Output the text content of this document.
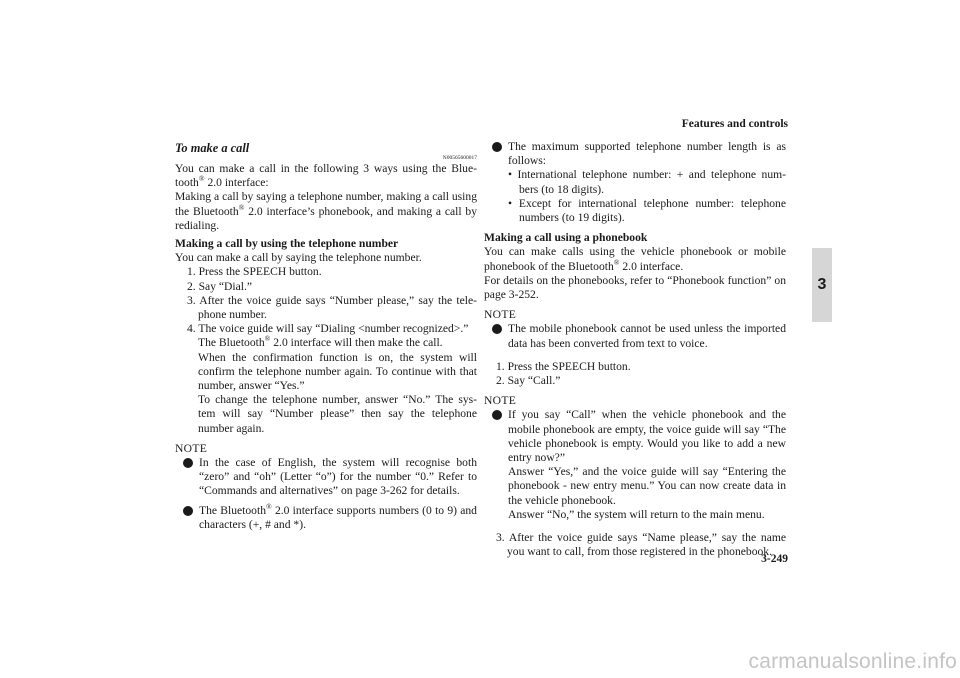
Features and controls
3
To make a call
N00565600017

You can make a call in the following 3 ways using the Blue- tooth® 2.0 interface:

Making a call by saying a telephone number, making a call using the Bluetooth® 2.0 interface’s phonebook, and making a call by redialing.

Making a call by using the telephone number

You can make a call by saying the telephone number.

1. Press the SPEECH button.
2. Say “Dial.”
3. After the voice guide says “Number please,” say the tele- phone number.
4. The voice guide will say “Dialing <number recognized>.”
The Bluetooth® 2.0 interface will then make the call.
When the confirmation function is on, the system will confirm the telephone number again. To continue with that number, answer “Yes.”
To change the telephone number, answer “No.” The sys- tem will say “Number please” then say the telephone number again.
NOTE

In the case of English, the system will recognise both “zero” and “oh” (Letter “o”) for the number “0.” Refer to “Commands and alternatives” on page 3-262 for details.

The Bluetooth® 2.0 interface supports numbers (0 to 9) and characters (+, # and *).

The maximum supported telephone number length is as follows:

• International telephone number: + and telephone num- bers (to 18 digits).

• Except for international telephone number: telephone numbers (to 19 digits).

Making a call using a phonebook

You can make calls using the vehicle phonebook or mobile phonebook of the Bluetooth® 2.0 interface.

For details on the phonebooks, refer to “Phonebook function” on page 3-252.

NOTE

The mobile phonebook cannot be used unless the imported data has been converted from text to voice.

1. Press the SPEECH button.
2. Say “Call.”
NOTE

If you say “Call” when the vehicle phonebook and the mobile phonebook are empty, the voice guide will say “The vehicle phonebook is empty. Would you like to add a new entry now?”

Answer “Yes,” and the voice guide will say “Entering the phonebook - new entry menu.” You can now create data in the vehicle phonebook.

Answer “No,” the system will return to the main menu.

3. After the voice guide says “Name please,” say the name you want to call, from those registered in the phonebook.
3-249
carmanualsonline.info
